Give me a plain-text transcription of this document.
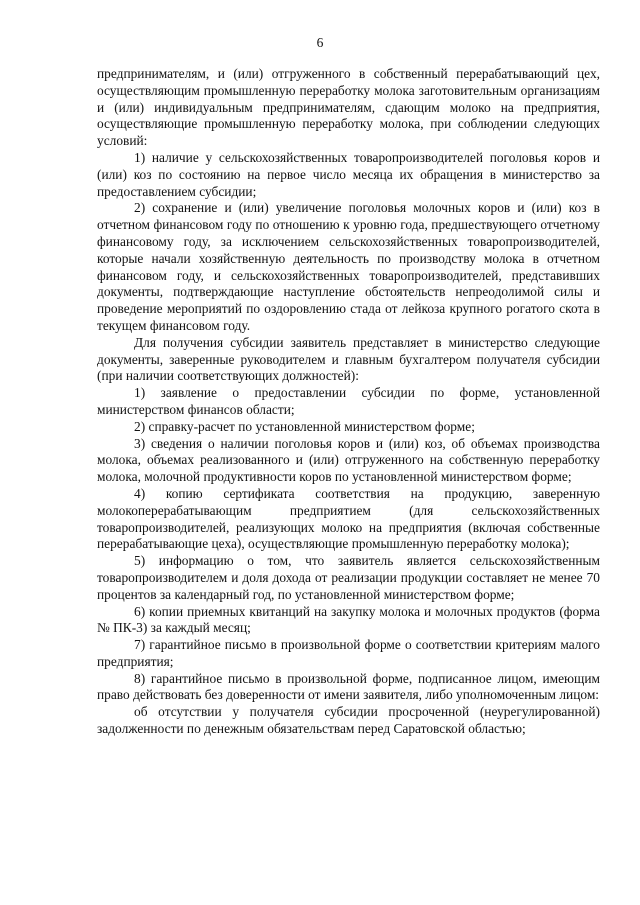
6

предпринимателям, и (или) отгруженного в собственный перерабатывающий цех, осуществляющим промышленную переработку молока заготовительным организациям и (или) индивидуальным предпринимателям, сдающим молоко на предприятия, осуществляющие промышленную переработку молока, при соблюдении следующих условий:

1) наличие у сельскохозяйственных товаропроизводителей поголовья коров и (или) коз по состоянию на первое число месяца их обращения в министерство за предоставлением субсидии;

2) сохранение и (или) увеличение поголовья молочных коров и (или) коз в отчетном финансовом году по отношению к уровню года, предшествующего отчетному финансовому году, за исключением сельскохозяйственных товаропроизводителей, которые начали хозяйственную деятельность по производству молока в отчетном финансовом году, и сельскохозяйственных товаропроизводителей, представивших документы, подтверждающие наступление обстоятельств непреодолимой силы и проведение мероприятий по оздоровлению стада от лейкоза крупного рогатого скота в текущем финансовом году.

Для получения субсидии заявитель представляет в министерство следующие документы, заверенные руководителем и главным бухгалтером получателя субсидии (при наличии соответствующих должностей):

1) заявление о предоставлении субсидии по форме, установленной министерством финансов области;

2) справку-расчет по установленной министерством форме;

3) сведения о наличии поголовья коров и (или) коз, об объемах производства молока, объемах реализованного и (или) отгруженного на собственную переработку молока, молочной продуктивности коров по установленной министерством форме;

4) копию сертификата соответствия на продукцию, заверенную молокоперерабатывающим предприятием (для сельскохозяйственных товаропроизводителей, реализующих молоко на предприятия (включая собственные перерабатывающие цеха), осуществляющие промышленную переработку молока);

5) информацию о том, что заявитель является сельскохозяйственным товаропроизводителем и доля дохода от реализации продукции составляет не менее 70 процентов за календарный год, по установленной министерством форме;

6) копии приемных квитанций на закупку молока и молочных продуктов (форма № ПК-3) за каждый месяц;

7) гарантийное письмо в произвольной форме о соответствии критериям малого предприятия;

8) гарантийное письмо в произвольной форме, подписанное лицом, имеющим право действовать без доверенности от имени заявителя, либо уполномоченным лицом:

об отсутствии у получателя субсидии просроченной (неурегулированной) задолженности по денежным обязательствам перед Саратовской областью;
